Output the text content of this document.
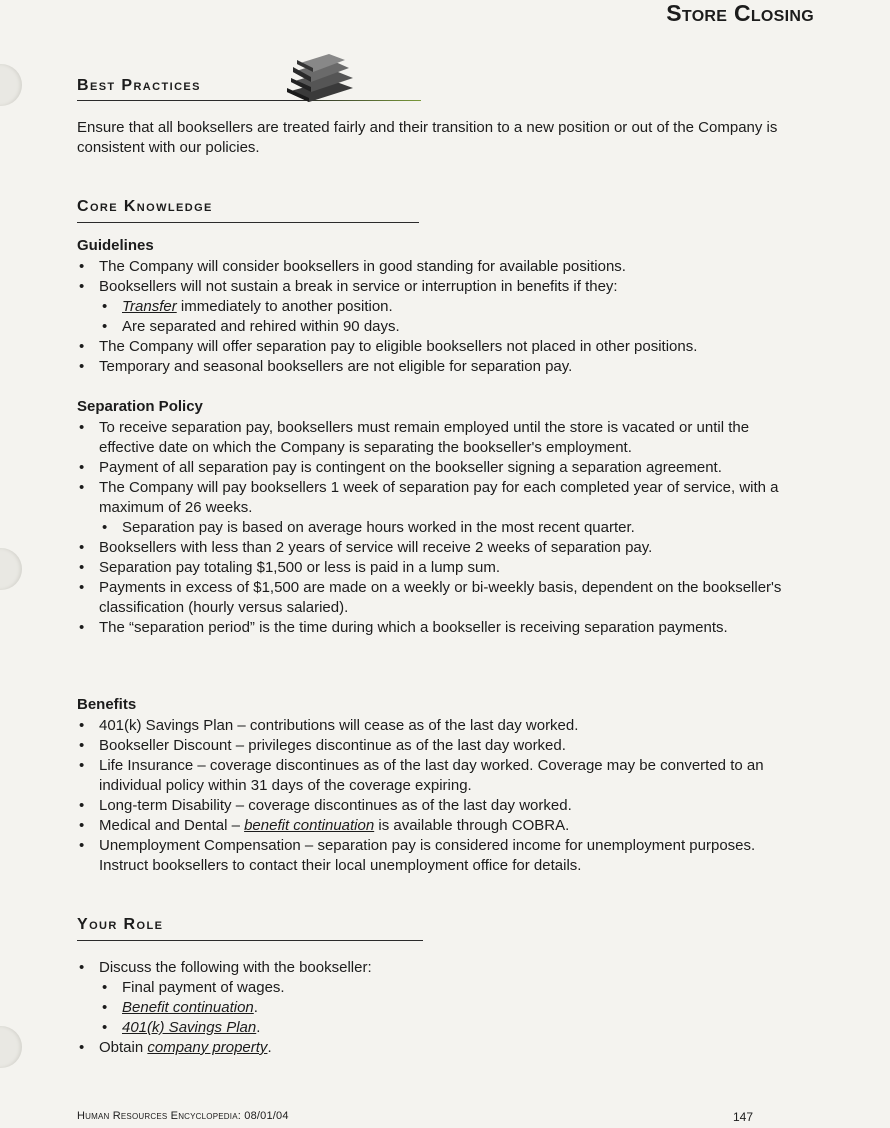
Store Closing
Best Practices

Ensure that all booksellers are treated fairly and their transition to a new position or out of the Company is consistent with our policies.

Core Knowledge
Guidelines
• The Company will consider booksellers in good standing for available positions.
• Booksellers will not sustain a break in service or interruption in benefits if they:
• Transfer immediately to another position.
• Are separated and rehired within 90 days.
• The Company will offer separation pay to eligible booksellers not placed in other positions.
• Temporary and seasonal booksellers are not eligible for separation pay.
Separation Policy
• To receive separation pay, booksellers must remain employed until the store is vacated or until the effective date on which the Company is separating the bookseller's employment.
• Payment of all separation pay is contingent on the bookseller signing a separation agreement.
• The Company will pay booksellers 1 week of separation pay for each completed year of service, with a maximum of 26 weeks.
• Separation pay is based on average hours worked in the most recent quarter.
• Booksellers with less than 2 years of service will receive 2 weeks of separation pay.
• Separation pay totaling $1,500 or less is paid in a lump sum.
• Payments in excess of $1,500 are made on a weekly or bi-weekly basis, dependent on the bookseller's classification (hourly versus salaried).
• The “separation period” is the time during which a bookseller is receiving separation payments.
Benefits
• 401(k) Savings Plan – contributions will cease as of the last day worked.
• Bookseller Discount – privileges discontinue as of the last day worked.
• Life Insurance – coverage discontinues as of the last day worked. Coverage may be converted to an individual policy within 31 days of the coverage expiring.
• Long-term Disability – coverage discontinues as of the last day worked.
• Medical and Dental – benefit continuation is available through COBRA.
• Unemployment Compensation – separation pay is considered income for unemployment purposes. Instruct booksellers to contact their local unemployment office for details.
Your Role
• Discuss the following with the bookseller:
• Final payment of wages.
• Benefit continuation.
• 401(k) Savings Plan.
• Obtain company property.
Human Resources Encyclopedia: 08/01/04	147
